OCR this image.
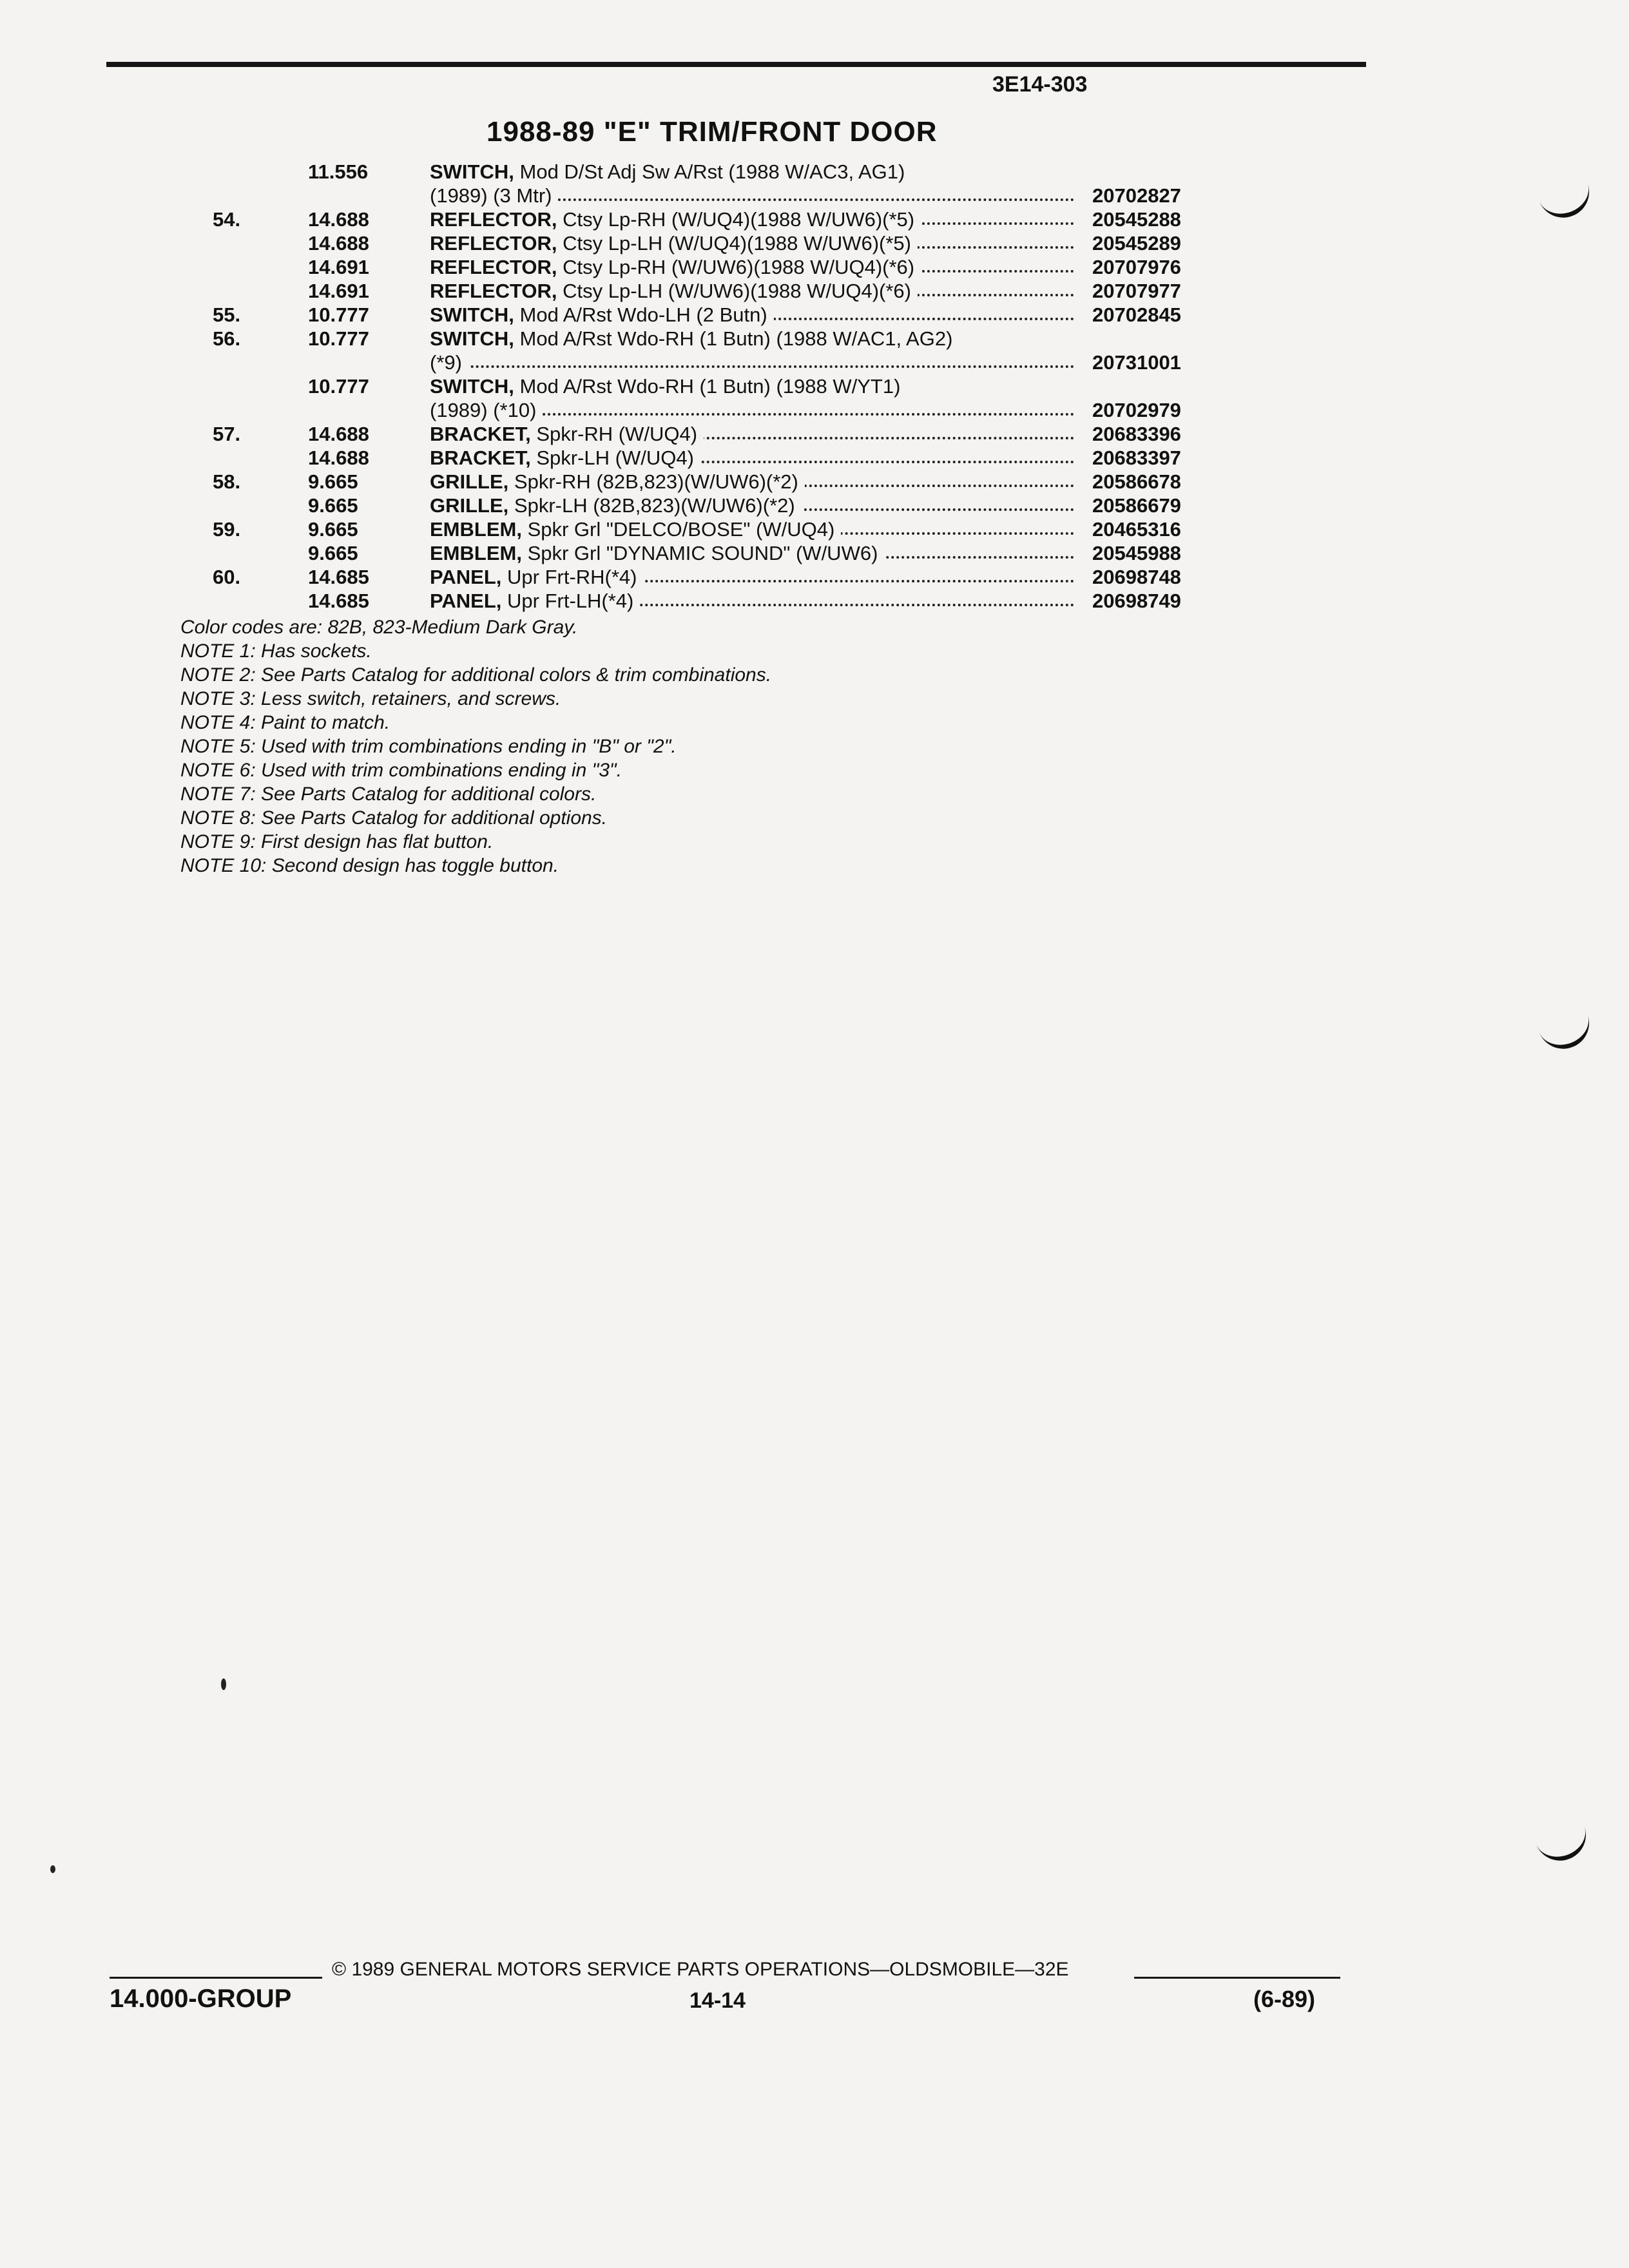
3E14-303
1988-89 "E" TRIM/FRONT DOOR
11.556	SWITCH, Mod D/St Adj Sw A/Rst (1988 W/AC3, AG1)
(1989) (3 Mtr)	20702827
54.	14.688	REFLECTOR, Ctsy Lp-RH (W/UQ4)(1988 W/UW6)(*5)	20545288
14.688	REFLECTOR, Ctsy Lp-LH (W/UQ4)(1988 W/UW6)(*5)	20545289
14.691	REFLECTOR, Ctsy Lp-RH (W/UW6)(1988 W/UQ4)(*6)	20707976
14.691	REFLECTOR, Ctsy Lp-LH (W/UW6)(1988 W/UQ4)(*6)	20707977
55.	10.777	SWITCH, Mod A/Rst Wdo-LH (2 Butn)	20702845
56.	10.777	SWITCH, Mod A/Rst Wdo-RH (1 Butn) (1988 W/AC1, AG2)
(*9)	20731001
10.777	SWITCH, Mod A/Rst Wdo-RH (1 Butn) (1988 W/YT1)
(1989) (*10)	20702979
57.	14.688	BRACKET, Spkr-RH (W/UQ4)	20683396
14.688	BRACKET, Spkr-LH (W/UQ4)	20683397
58.	9.665	GRILLE, Spkr-RH (82B,823)(W/UW6)(*2)	20586678
9.665	GRILLE, Spkr-LH (82B,823)(W/UW6)(*2)	20586679
59.	9.665	EMBLEM, Spkr Grl "DELCO/BOSE" (W/UQ4)	20465316
9.665	EMBLEM, Spkr Grl "DYNAMIC SOUND" (W/UW6)	20545988
60.	14.685	PANEL, Upr Frt-RH(*4)	20698748
14.685	PANEL, Upr Frt-LH(*4)	20698749
Color codes are: 82B, 823-Medium Dark Gray.
NOTE 1: Has sockets.
NOTE 2: See Parts Catalog for additional colors & trim combinations.
NOTE 3: Less switch, retainers, and screws.
NOTE 4: Paint to match.
NOTE 5: Used with trim combinations ending in "B" or "2".
NOTE 6: Used with trim combinations ending in "3".
NOTE 7: See Parts Catalog for additional colors.
NOTE 8: See Parts Catalog for additional options.
NOTE 9: First design has flat button.
NOTE 10: Second design has toggle button.
© 1989 GENERAL MOTORS SERVICE PARTS OPERATIONS—OLDSMOBILE—32E
14.000-GROUP	14-14	(6-89)
